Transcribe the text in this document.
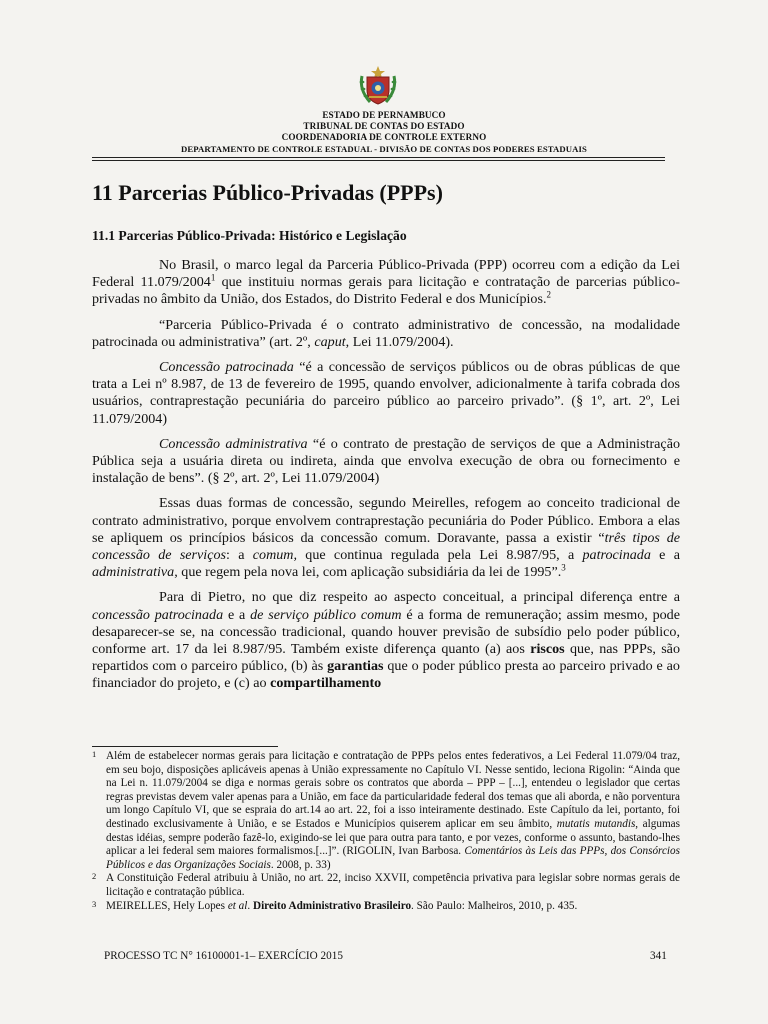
ESTADO DE PERNAMBUCO
TRIBUNAL DE CONTAS DO ESTADO
COORDENADORIA DE CONTROLE EXTERNO
DEPARTAMENTO DE CONTROLE ESTADUAL - DIVISÃO DE CONTAS DOS PODERES ESTADUAIS
11 Parcerias Público-Privadas (PPPs)
11.1 Parcerias Público-Privada: Histórico e Legislação

No Brasil, o marco legal da Parceria Público-Privada (PPP) ocorreu com a edição da Lei Federal 11.079/2004$^1$ que instituiu normas gerais para licitação e contratação de parcerias público-privadas no âmbito da União, dos Estados, do Distrito Federal e dos Municípios.$^2$

“Parceria Público-Privada é o contrato administrativo de concessão, na modalidade patrocinada ou administrativa” (art. 2º, caput, Lei 11.079/2004).

Concessão patrocinada “é a concessão de serviços públicos ou de obras públicas de que trata a Lei nº 8.987, de 13 de fevereiro de 1995, quando envolver, adicionalmente à tarifa cobrada dos usuários, contraprestação pecuniária do parceiro público ao parceiro privado”. (§ 1º, art. 2º, Lei 11.079/2004)

Concessão administrativa “é o contrato de prestação de serviços de que a Administração Pública seja a usuária direta ou indireta, ainda que envolva execução de obra ou fornecimento e instalação de bens”. (§ 2º, art. 2º, Lei 11.079/2004)

Essas duas formas de concessão, segundo Meirelles, refogem ao conceito tradicional de contrato administrativo, porque envolvem contraprestação pecuniária do Poder Público. Embora a elas se apliquem os princípios básicos da concessão comum. Doravante, passa a existir “três tipos de concessão de serviços: a comum, que continua regulada pela Lei 8.987/95, a patrocinada e a administrativa, que regem pela nova lei, com aplicação subsidiária da lei de 1995”.$^3$

Para di Pietro, no que diz respeito ao aspecto conceitual, a principal diferença entre a concessão patrocinada e a de serviço público comum é a forma de remuneração; assim mesmo, pode desaparecer-se se, na concessão tradicional, quando houver previsão de subsídio pelo poder público, conforme art. 17 da lei 8.987/95. Também existe diferença quanto (a) aos riscos que, nas PPPs, são repartidos com o parceiro público, (b) às garantias que o poder público presta ao parceiro privado e ao financiador do projeto, e (c) ao compartilhamento

1 Além de estabelecer normas gerais para licitação e contratação de PPPs pelos entes federativos, a Lei Federal 11.079/04 traz, em seu bojo, disposições aplicáveis apenas à União expressamente no Capítulo VI. Nesse sentido, leciona Rigolin: “Ainda que na Lei n. 11.079/2004 se diga e normas gerais sobre os contratos que aborda – PPP – [...], entendeu o legislador que certas regras previstas devem valer apenas para a União, em face da particularidade federal dos temas que ali aborda, e não porventura um longo Capítulo VI, que se espraia do art.14 ao art. 22, foi a isso inteiramente destinado. Este Capítulo da lei, portanto, foi destinado exclusivamente à União, e se Estados e Municípios quiserem aplicar em seu âmbito, mutatis mutandis, algumas destas idéias, sempre poderão fazê-lo, exigindo-se lei que para outra para tanto, e por vezes, conforme o assunto, bastando-lhes aplicar a lei federal sem maiores formalismos.[...]”. (RIGOLIN, Ivan Barbosa. Comentários às Leis das PPPs, dos Consórcios Públicos e das Organizações Sociais. 2008, p. 33)

2 A Constituição Federal atribuiu à União, no art. 22, inciso XXVII, competência privativa para legislar sobre normas gerais de licitação e contratação pública.

3 MEIRELLES, Hely Lopes et al. Direito Administrativo Brasileiro. São Paulo: Malheiros, 2010, p. 435.

PROCESSO TC N° 16100001-1– EXERCÍCIO 2015	341
